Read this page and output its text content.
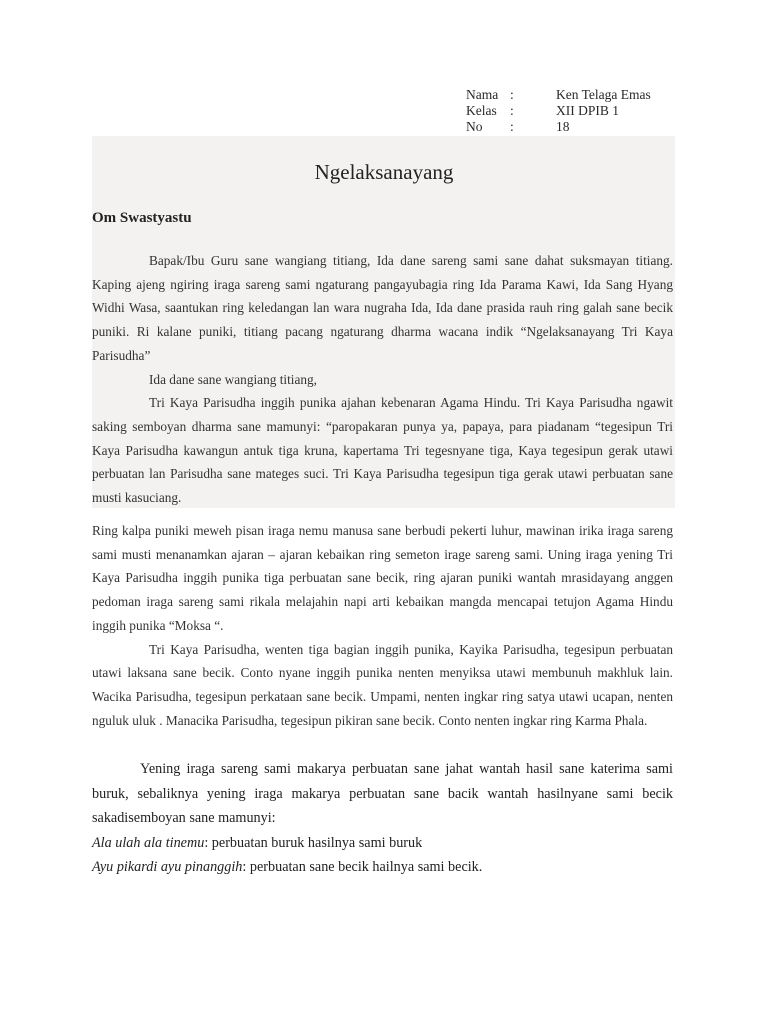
Nama :	Ken Telaga Emas
Kelas :	XII DPIB 1
No	:	18
Ngelaksanayang
Om Swastyastu

Bapak/Ibu Guru sane wangiang titiang, Ida dane sareng sami sane dahat suksmayan titiang. Kaping ajeng ngiring iraga sareng sami ngaturang pangayubagia ring Ida Parama Kawi, Ida Sang Hyang Widhi Wasa, saantukan ring keledangan lan wara nugraha Ida, Ida dane prasida rauh ring galah sane becik puniki. Ri kalane puniki, titiang pacang ngaturang dharma wacana indik “Ngelaksanayang Tri Kaya Parisudha”

Ida dane sane wangiang titiang,

Tri Kaya Parisudha inggih punika ajahan kebenaran Agama Hindu. Tri Kaya Parisudha ngawit saking semboyan dharma sane mamunyi: “paropakaran punya ya, papaya, para piadanam “tegesipun Tri Kaya Parisudha kawangun antuk tiga kruna, kapertama Tri tegesnyane tiga, Kaya tegesipun gerak utawi perbuatan lan Parisudha sane mateges suci. Tri Kaya Parisudha tegesipun tiga gerak utawi perbuatan sane musti kasuciang.

Ring kalpa puniki meweh pisan iraga nemu manusa sane berbudi pekerti luhur, mawinan irika iraga sareng sami musti menanamkan ajaran – ajaran kebaikan ring semeton irage sareng sami. Uning iraga yening Tri Kaya Parisudha inggih punika tiga perbuatan sane becik, ring ajaran puniki wantah mrasidayang anggen pedoman iraga sareng sami rikala melajahin napi arti kebaikan mangda mencapai tetujon Agama Hindu inggih punika “Moksa “.

Tri Kaya Parisudha, wenten tiga bagian inggih punika, Kayika Parisudha, tegesipun perbuatan utawi laksana sane becik. Conto nyane inggih punika nenten menyiksa utawi membunuh makhluk lain. Wacika Parisudha, tegesipun perkataan sane becik. Umpami, nenten ingkar ring satya utawi ucapan, nenten nguluk uluk . Manacika Parisudha, tegesipun pikiran sane becik. Conto nenten ingkar ring Karma Phala.

Yening iraga sareng sami makarya perbuatan sane jahat wantah hasil sane katerima sami buruk, sebaliknya yening iraga makarya perbuatan sane bacik wantah hasilnyane sami becik sakadisemboyan sane mamunyi:

Ala ulah ala tinemu: perbuatan buruk hasilnya sami buruk

Ayu pikardi ayu pinanggih: perbuatan sane becik hailnya sami becik.
